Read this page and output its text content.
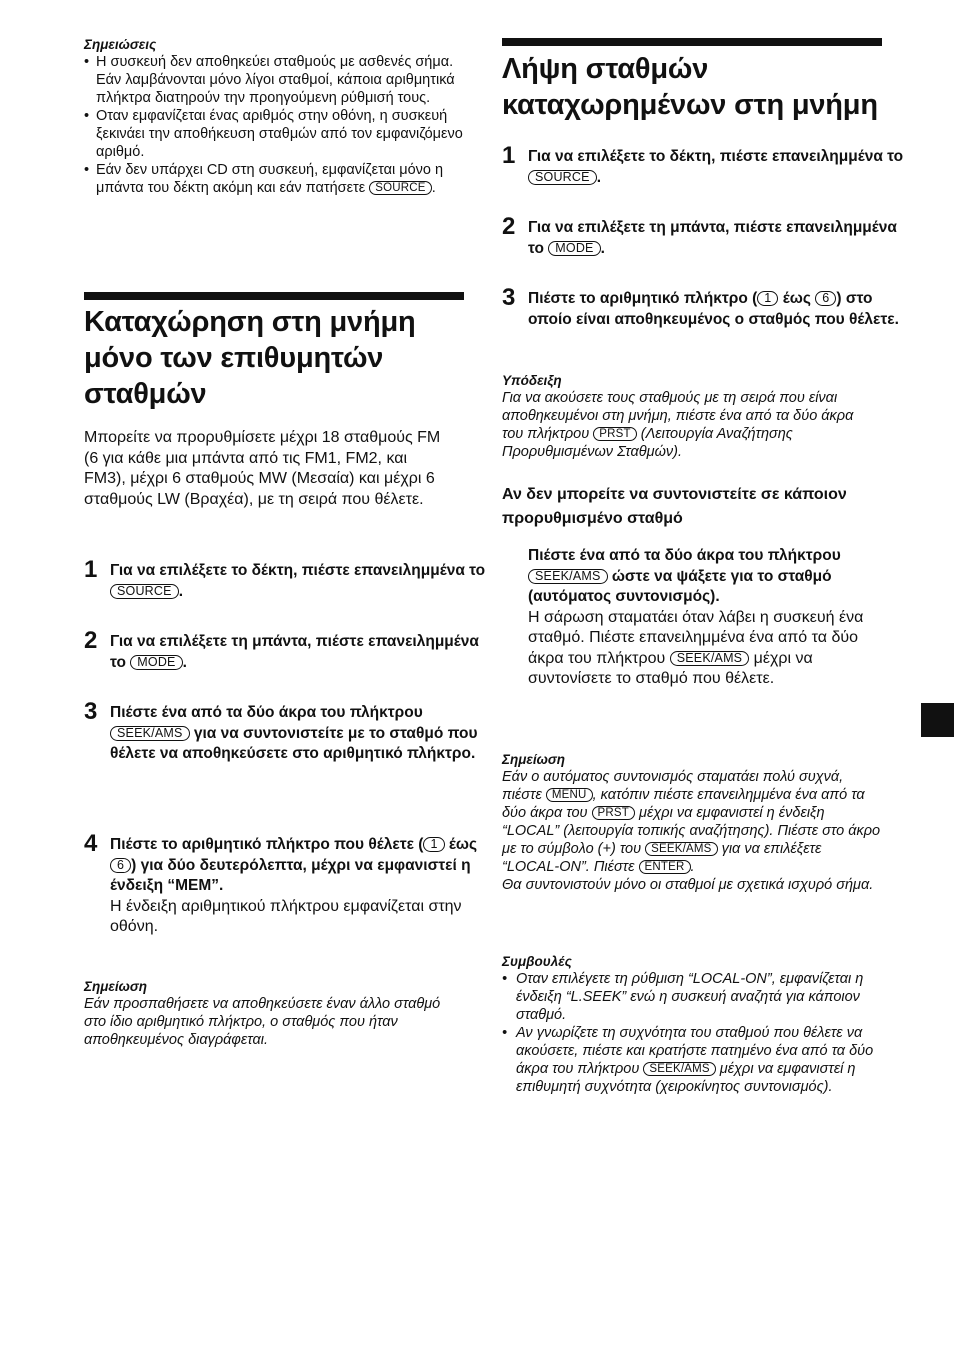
Σημειώσεις
• Η συσκευή δεν αποθηκεύει σταθμούς με ασθενές σήμα. Εάν λαμβάνονται μόνο λίγοι σταθμοί, κάποια αριθμητικά πλήκτρα διατηρούν την προηγούμενη ρύθμισή τους.
• Οταν εμφανίζεται ένας αριθμός στην οθόνη, η συσκευή ξεκινάει την αποθήκευση σταθμών από τον εμφανιζόμενο αριθμό.
• Εάν δεν υπάρχει CD στη συσκευή, εμφανίζεται μόνο η μπάντα του δέκτη ακόμη και εάν πατήσετε SOURCE .
Καταχώρηση στη μνήμη
μόνο των επιθυμητών
σταθμών
Μπορείτε να προρυθμίσετε μέχρι 18 σταθμούς FM (6 για κάθε μια μπάντα από τις FM1, FM2, και FM3), μέχρι 6 σταθμούς MW (Μεσαία) και μέχρι 6 σταθμούς LW (Βραχέα), με τη σειρά που θέλετε.
1 Για να επιλέξετε το δέκτη, πιέστε επανειλημμένα το SOURCE .
2 Για να επιλέξετε τη μπάντα, πιέστε επανειλημμένα το MODE .
3 Πιέστε ένα από τα δύο άκρα του πλήκτρου SEEK/AMS για να συντονιστείτε με το σταθμό που θέλετε να αποθηκεύσετε στο αριθμητικό πλήκτρο.
4 Πιέστε το αριθμητικό πλήκτρο που θέλετε ( 1 έως 6 ) για δύο δευτερόλεπτα, μέχρι να εμφανιστεί η ένδειξη “MEM”.
Η ένδειξη αριθμητικού πλήκτρου εμφανίζεται στην οθόνη.
Σημείωση
Εάν προσπαθήσετε να αποθηκεύσετε έναν άλλο σταθμό στο ίδιο αριθμητικό πλήκτρο, ο σταθμός που ήταν αποθηκευμένος διαγράφεται.
Λήψη σταθμών
καταχωρημένων στη μνήμη
1 Για να επιλέξετε το δέκτη, πιέστε επανειλημμένα το SOURCE .
2 Για να επιλέξετε τη μπάντα, πιέστε επανειλημμένα το MODE .
3 Πιέστε το αριθμητικό πλήκτρο ( 1 έως 6 ) στο οποίο είναι αποθηκευμένος ο σταθμός που θέλετε.
Υπόδειξη
Για να ακούσετε τους σταθμούς με τη σειρά που είναι αποθηκευμένοι στη μνήμη, πιέστε ένα από τα δύο άκρα του πλήκτρου PRST (Λειτουργία Αναζήτησης Προρυθμισμένων Σταθμών).
Αν δεν μπορείτε να συντονιστείτε σε κάποιον προρυθμισμένο σταθμό
Πιέστε ένα από τα δύο άκρα του πλήκτρου SEEK/AMS ώστε να ψάξετε για το σταθμό (αυτόματος συντονισμός).
Η σάρωση σταματάει όταν λάβει η συσκευή ένα σταθμό. Πιέστε επανειλημμένα ένα από τα δύο άκρα του πλήκτρου SEEK/AMS μέχρι να συντονίσετε το σταθμό που θέλετε.
Σημείωση
Εάν ο αυτόματος συντονισμός σταματάει πολύ συχνά, πιέστε MENU , κατόπιν πιέστε επανειλημμένα ένα από τα δύο άκρα του PRST μέχρι να εμφανιστεί η ένδειξη “LOCAL” (λειτουργία τοπικής αναζήτησης). Πιέστε στο άκρο με το σύμβολο (+) του SEEK/AMS για να επιλέξετε “LOCAL-ON”. Πιέστε ENTER .
Θα συντονιστούν μόνο οι σταθμοί με σχετικά ισχυρό σήμα.
Συμβουλές
• Οταν επιλέγετε τη ρύθμιση “LOCAL-ON”, εμφανίζεται η ένδειξη “L.SEEK” ενώ η συσκευή αναζητά για κάποιον σταθμό.
• Αν γνωρίζετε τη συχνότητα του σταθμού που θέλετε να ακούσετε, πιέστε και κρατήστε πατημένο ένα από τα δύο άκρα του πλήκτρου SEEK/AMS μέχρι να εμφανιστεί η επιθυμητή συχνότητα (χειροκίνητος συντονισμός).
